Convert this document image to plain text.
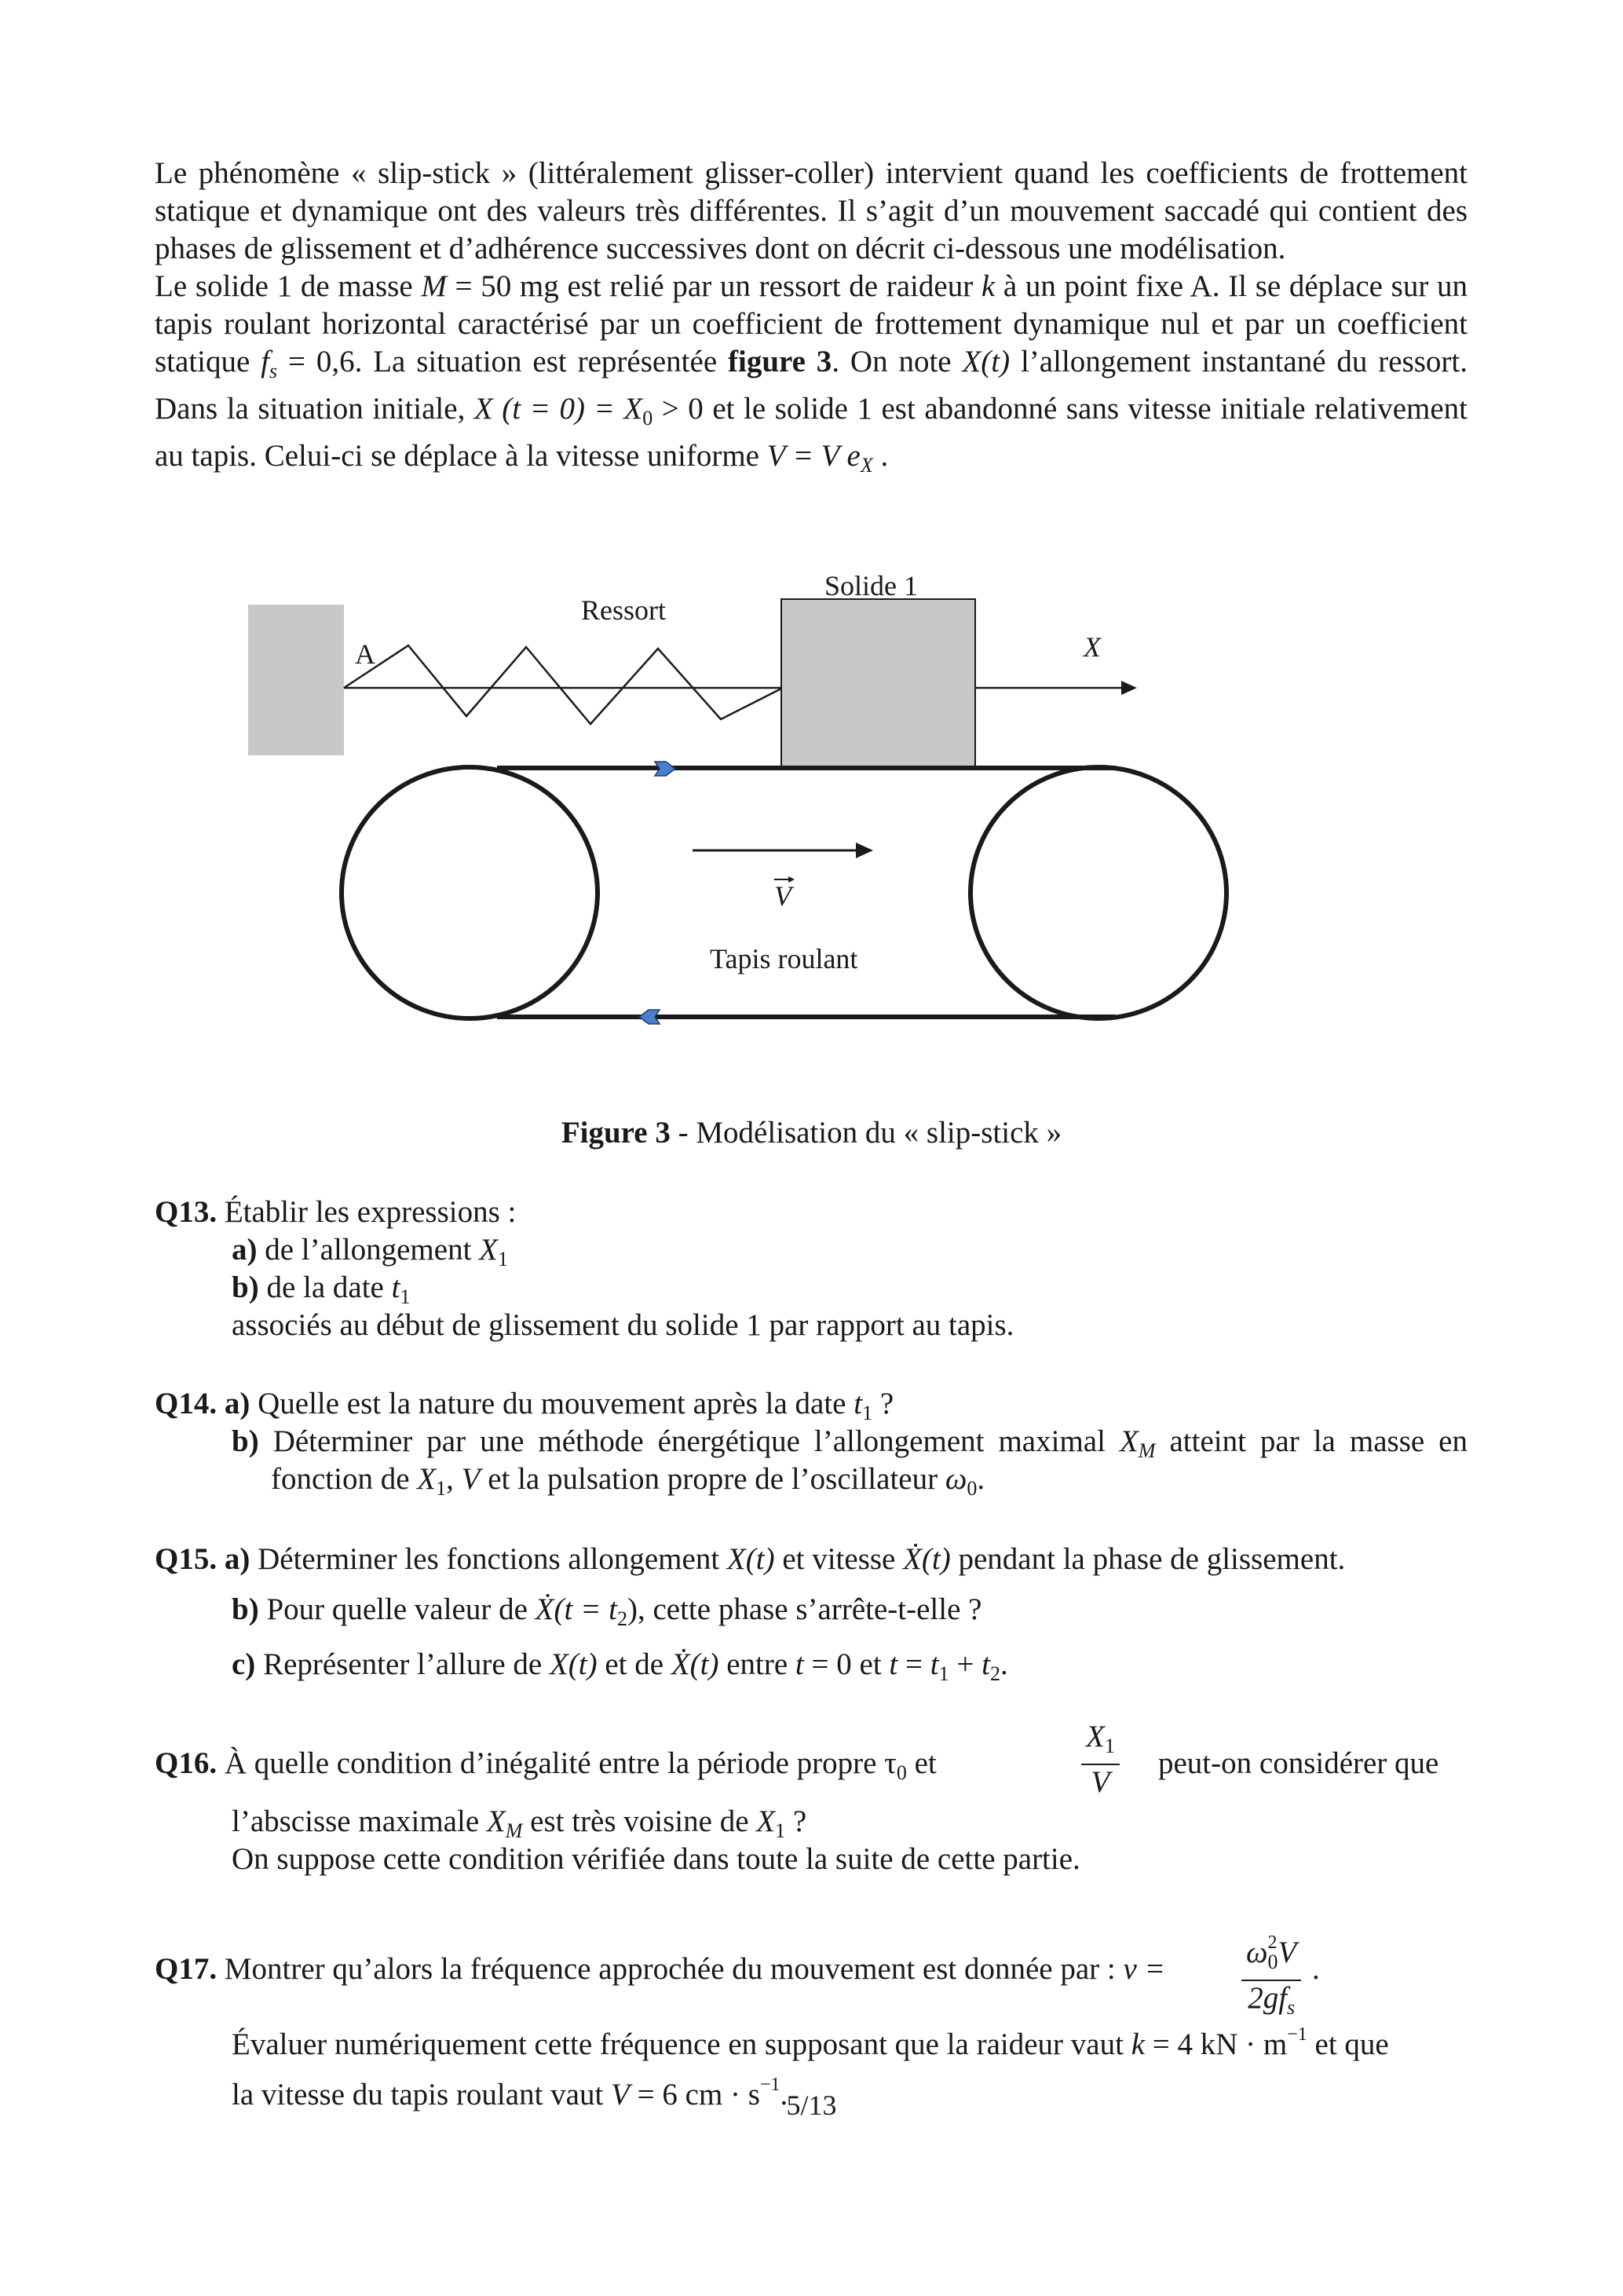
Le phénomène « slip-stick » (littéralement glisser-coller) intervient quand les coefficients de frottement statique et dynamique ont des valeurs très différentes. Il s’agit d’un mouvement saccadé qui contient des phases de glissement et d’adhérence successives dont on décrit ci-dessous une modélisation.

Le solide 1 de masse M = 50 mg est relié par un ressort de raideur k à un point fixe A. Il se déplace sur un tapis roulant horizontal caractérisé par un coefficient de frottement dynamique nul et par un coefficient statique $f_s = 0,6$. La situation est représentée figure 3. On note X(t) l’allongement instantané du ressort. Dans la situation initiale, X $(t = 0) = X_0 > 0$ et le solide 1 est abandonné sans vitesse initiale relativement au tapis. Celui-ci se déplace à la vitesse uniforme V = V $e_X$ .

Ressort
Solide 1
A	X
V
Tapis roulant
Figure 3 - Modélisation du « slip-stick »
Q13. Établir les expressions :
a) de l’allongement $X_1$
b) de la date $t_1$
associés au début de glissement du solide 1 par rapport au tapis.
Q14. a) Quelle est la nature du mouvement après la date $t_1$ ?
b) Déterminer par une méthode énergétique l’allongement maximal $X_M$ atteint par la masse en
fonction de $X_1$, V et la pulsation propre de l’oscillateur $\omega_0$.
Q15. a) Déterminer les fonctions allongement X(t) et vitesse Ẋ(t) pendant la phase de glissement.
b) Pour quelle valeur de Ẋ(t = $t_2$), cette phase s’arrête-t-elle ?
c) Représenter l’allure de X(t) et de Ẋ(t) entre t = 0 et $t = t_1 + t_2$.
Q16. À quelle condition d’inégalité entre la période propre $\tau_0$ et	$\frac{X_1}{V}$ peut-on considérer que
l’abscisse maximale $X_M$ est très voisine de $X_1$ ?
On suppose cette condition vérifiée dans toute la suite de cette partie.
Q17. Montrer qu’alors la fréquence approchée du mouvement est donnée par : $\nu = \frac{\omega^2_0V}{2gf_s}$ .
Évaluer numériquement cette fréquence en supposant que la raideur vaut k = 4 kN · $m^{-1}$ et que
la vitesse du tapis roulant vaut V = 6 cm · $s^{-1}$.
5/13
